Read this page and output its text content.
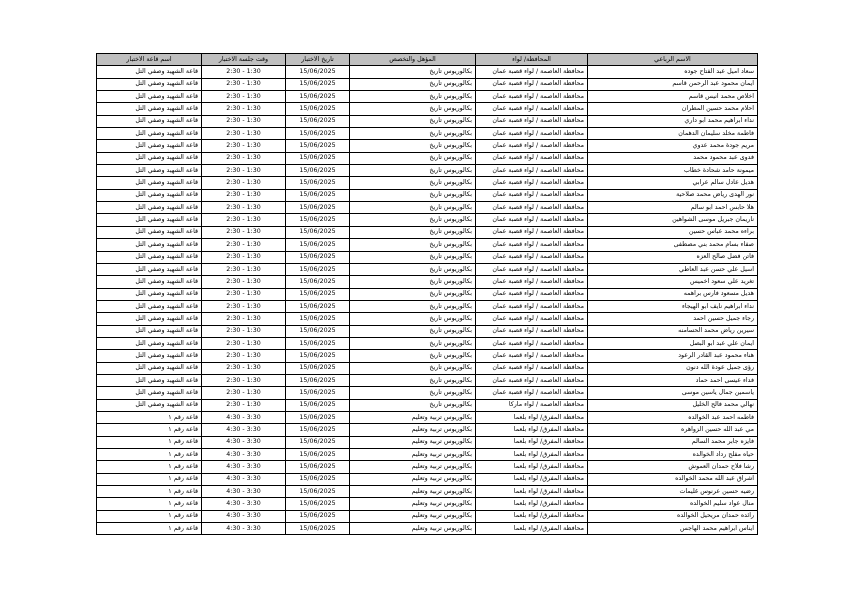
الاسم الرباعي	المحافظة/ لواء	المؤهل والتخصص	تاريخ الاختبار	وقت جلسة الاختبار	اسم قاعة الاختبار
سعاد اميل عبد الفتاح جوده	محافظة العاصمة / لواء قصبة عمان	بكالوريوس تاريخ	15/06/2025	1:30 - 2:30	قاعة الشهيد وصفي التل
ايمان محمود عبد الرحمن قاسم	محافظة العاصمة / لواء قصبة عمان	بكالوريوس تاريخ	15/06/2025	1:30 - 2:30	قاعة الشهيد وصفي التل
اخلاص محمد انيس قاسم	محافظة العاصمة / لواء قصبة عمان	بكالوريوس تاريخ	15/06/2025	1:30 - 2:30	قاعة الشهيد وصفي التل
احلام محمد حسين المطران	محافظة العاصمة / لواء قصبة عمان	بكالوريوس تاريخ	15/06/2025	1:30 - 2:30	قاعة الشهيد وصفي التل
نداء ابراهيم محمد ابو داري	محافظة العاصمة / لواء قصبة عمان	بكالوريوس تاريخ	15/06/2025	1:30 - 2:30	قاعة الشهيد وصفي التل
فاطمة مخلد سليمان الدهمان	محافظة العاصمة / لواء قصبة عمان	بكالوريوس تاريخ	15/06/2025	1:30 - 2:30	قاعة الشهيد وصفي التل
مريم جودة محمد عدوي	محافظة العاصمة / لواء قصبة عمان	بكالوريوس تاريخ	15/06/2025	1:30 - 2:30	قاعة الشهيد وصفي التل
فدوى عبد محمود محمد	محافظة العاصمة / لواء قصبة عمان	بكالوريوس تاريخ	15/06/2025	1:30 - 2:30	قاعة الشهيد وصفي التل
ميمونة حامد شحادة خطاب	محافظة العاصمة / لواء قصبة عمان	بكالوريوس تاريخ	15/06/2025	1:30 - 2:30	قاعة الشهيد وصفي التل
هديل عادل سالم عرابي	محافظة العاصمة / لواء قصبة عمان	بكالوريوس تاريخ	15/06/2025	1:30 - 2:30	قاعة الشهيد وصفي التل
نور الهدى رياض محمد صلاحية	محافظة العاصمة / لواء قصبة عمان	بكالوريوس تاريخ	15/06/2025	1:30 - 2:30	قاعة الشهيد وصفي التل
هلا حابس احمد ابو سالم	محافظة العاصمة / لواء قصبة عمان	بكالوريوس تاريخ	15/06/2025	1:30 - 2:30	قاعة الشهيد وصفي التل
ناريمان جبريل موسى الشواهين	محافظة العاصمة / لواء قصبة عمان	بكالوريوس تاريخ	15/06/2025	1:30 - 2:30	قاعة الشهيد وصفي التل
براءه محمد عباس حسين	محافظة العاصمة / لواء قصبة عمان	بكالوريوس تاريخ	15/06/2025	1:30 - 2:30	قاعة الشهيد وصفي التل
صفاء بسام محمد بني مصطفى	محافظة العاصمة / لواء قصبة عمان	بكالوريوس تاريخ	15/06/2025	1:30 - 2:30	قاعة الشهيد وصفي التل
فاتن فضل صالح العزه	محافظة العاصمة / لواء قصبة عمان	بكالوريوس تاريخ	15/06/2025	1:30 - 2:30	قاعة الشهيد وصفي التل
اسيل علي حسن عبد العاطي	محافظة العاصمة / لواء قصبة عمان	بكالوريوس تاريخ	15/06/2025	1:30 - 2:30	قاعة الشهيد وصفي التل
تغريد علي سعود اخميس	محافظة العاصمة / لواء قصبة عمان	بكالوريوس تاريخ	15/06/2025	1:30 - 2:30	قاعة الشهيد وصفي التل
هديل مسعود فارس براهمه	محافظة العاصمة / لواء قصبة عمان	بكالوريوس تاريخ	15/06/2025	1:30 - 2:30	قاعة الشهيد وصفي التل
نداء ابراهيم نايف ابو الهيجاء	محافظة العاصمة / لواء قصبة عمان	بكالوريوس تاريخ	15/06/2025	1:30 - 2:30	قاعة الشهيد وصفي التل
رجاء جميل حسين احمد	محافظة العاصمة / لواء قصبة عمان	بكالوريوس تاريخ	15/06/2025	1:30 - 2:30	قاعة الشهيد وصفي التل
سيرين رياض محمد الحسامنه	محافظة العاصمة / لواء قصبة عمان	بكالوريوس تاريخ	15/06/2025	1:30 - 2:30	قاعة الشهيد وصفي التل
ايمان علي عبد ابو البصل	محافظة العاصمة / لواء قصبة عمان	بكالوريوس تاريخ	15/06/2025	1:30 - 2:30	قاعة الشهيد وصفي التل
هناء محمود عبد القادر الرعود	محافظة العاصمة / لواء قصبة عمان	بكالوريوس تاريخ	15/06/2025	1:30 - 2:30	قاعة الشهيد وصفي التل
رؤى جميل عودة الله دنون	محافظة العاصمة / لواء قصبة عمان	بكالوريوس تاريخ	15/06/2025	1:30 - 2:30	قاعة الشهيد وصفي التل
فداء عيسى احمد حماد	محافظة العاصمة / لواء قصبة عمان	بكالوريوس تاريخ	15/06/2025	1:30 - 2:30	قاعة الشهيد وصفي التل
ياسمين جمال ياسين موسى	محافظة العاصمة / لواء قصبة عمان	بكالوريوس تاريخ	15/06/2025	1:30 - 2:30	قاعة الشهيد وصفي التل
نهالي محمد فالح الخليل	محافظة العاصمة / لواء ماركا	بكالوريوس تاريخ	15/06/2025	1:30 - 2:30	قاعة الشهيد وصفي التل
فاطمه احمد عبد الخوالده	محافظة المفرق/ لواء بلعما	بكالوريوس تربية وتعليم	15/06/2025	3:30 - 4:30	قاعة رقم ١
مي عبد الله حسين الزواهره	محافظة المفرق/ لواء بلعما	بكالوريوس تربية وتعليم	15/06/2025	3:30 - 4:30	قاعة رقم ١
فايزه جابر محمد السالم	محافظة المفرق/ لواء بلعما	بكالوريوس تربية وتعليم	15/06/2025	3:30 - 4:30	قاعة رقم ١
حياه مفلح رداد الخوالده	محافظة المفرق/ لواء بلعما	بكالوريوس تربية وتعليم	15/06/2025	3:30 - 4:30	قاعة رقم ١
رشا فلاح حمدان العموش	محافظة المفرق/ لواء بلعما	بكالوريوس تربية وتعليم	15/06/2025	3:30 - 4:30	قاعة رقم ١
اشراق عبد الله محمد الخوالده	محافظة المفرق/ لواء بلعما	بكالوريوس تربية وتعليم	15/06/2025	3:30 - 4:30	قاعة رقم ١
رضيه حسين عرنوس غليمات	محافظة المفرق/ لواء بلعما	بكالوريوس تربية وتعليم	15/06/2025	3:30 - 4:30	قاعة رقم ١
منال عواد سليم الخوالده	محافظة المفرق/ لواء بلعما	بكالوريوس تربية وتعليم	15/06/2025	3:30 - 4:30	قاعة رقم ١
رائده حمدان مريحيل الخوالده	محافظة المفرق/ لواء بلعما	بكالوريوس تربية وتعليم	15/06/2025	3:30 - 4:30	قاعة رقم ١
ايناس ابراهيم محمد الهاجس	محافظة المفرق/ لواء بلعما	بكالوريوس تربية وتعليم	15/06/2025	3:30 - 4:30	قاعة رقم ١
